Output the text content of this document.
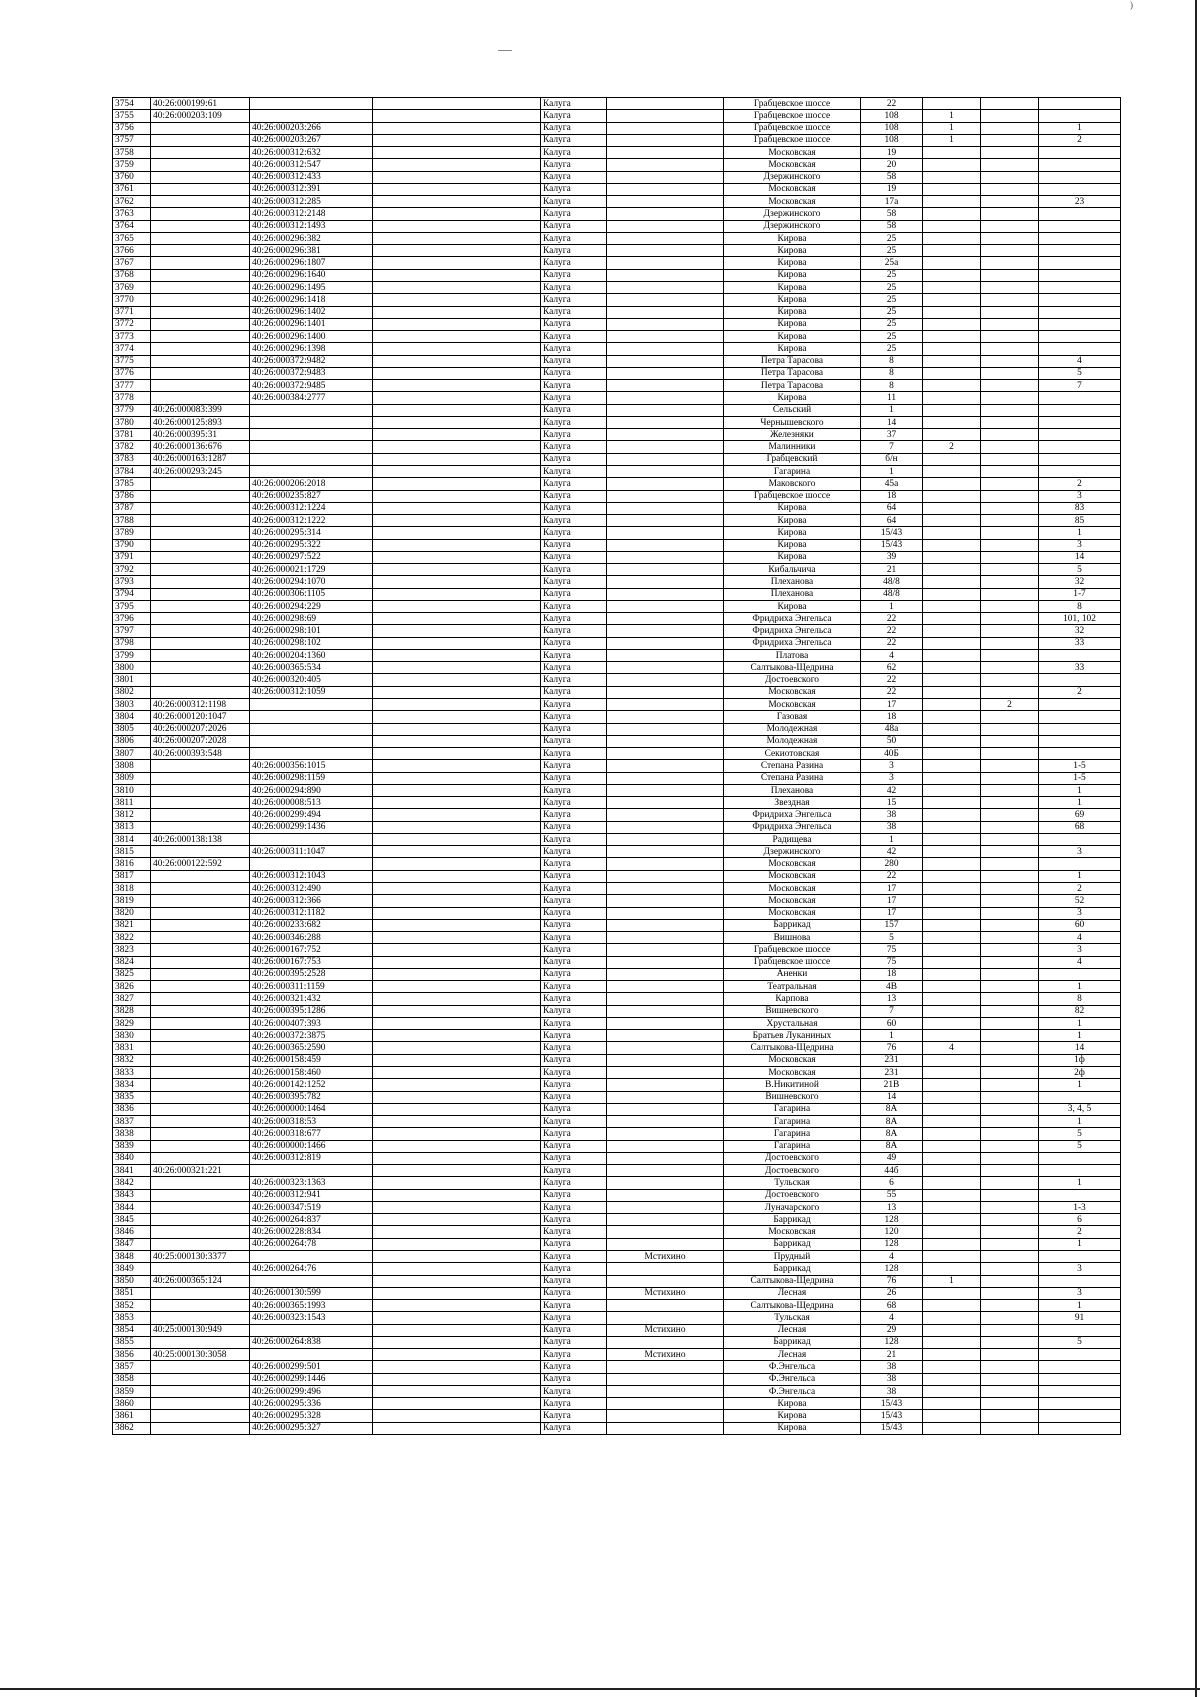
)
3754	40:26:000199:61			Калуга		Грабцевское шоссе	22			
3755	40:26:000203:109			Калуга		Грабцевское шоссе	108	1		
3756		40:26:000203:266		Калуга		Грабцевское шоссе	108	1		1
3757		40:26:000203:267		Калуга		Грабцевское шоссе	108	1		2
3758		40:26:000312:632		Калуга		Московская	19			
3759		40:26:000312:547		Калуга		Московская	20			
3760		40:26:000312:433		Калуга		Дзержинского	58			
3761		40:26:000312:391		Калуга		Московская	19			
3762		40:26:000312:285		Калуга		Московская	17а			23
3763		40:26:000312:2148		Калуга		Дзержинского	58			
3764		40:26:000312:1493		Калуга		Дзержинского	58			
3765		40:26:000296:382		Калуга		Кирова	25			
3766		40:26:000296:381		Калуга		Кирова	25			
3767		40:26:000296:1807		Калуга		Кирова	25а			
3768		40:26:000296:1640		Калуга		Кирова	25			
3769		40:26:000296:1495		Калуга		Кирова	25			
3770		40:26:000296:1418		Калуга		Кирова	25			
3771		40:26:000296:1402		Калуга		Кирова	25			
3772		40:26:000296:1401		Калуга		Кирова	25			
3773		40:26:000296:1400		Калуга		Кирова	25			
3774		40:26:000296:1398		Калуга		Кирова	25			
3775		40:26:000372:9482		Калуга		Петра Тарасова	8			4
3776		40:26:000372:9483		Калуга		Петра Тарасова	8			5
3777		40:26:000372:9485		Калуга		Петра Тарасова	8			7
3778		40:26:000384:2777		Калуга		Кирова	11			
3779	40:26:000083:399			Калуга		Сельский	1			
3780	40:26:000125:893			Калуга		Чернышевского	14			
3781	40:26:000395:31			Калуга		Железняки	37			
3782	40:26:000136:676			Калуга		Малинники	7	2		
3783	40:26:000163:1287			Калуга		Грабцевский	б/н			
3784	40:26:000293:245			Калуга		Гагарина	1			
3785		40:26:000206:2018		Калуга		Маковского	45а			2
3786		40:26:000235:827		Калуга		Грабцевское шоссе	18			3
3787		40:26:000312:1224		Калуга		Кирова	64			83
3788		40:26:000312:1222		Калуга		Кирова	64			85
3789		40:26:000295:314		Калуга		Кирова	15/43			1
3790		40:26:000295:322		Калуга		Кирова	15/43			3
3791		40:26:000297:522		Калуга		Кирова	39			14
3792		40:26:000021:1729		Калуга		Кибальчича	21			5
3793		40:26:000294:1070		Калуга		Плеханова	48/8			32
3794		40:26:000306:1105		Калуга		Плеханова	48/8			1-7
3795		40:26:000294:229		Калуга		Кирова	1			8
3796		40:26:000298:69		Калуга		Фридриха Энгельса	22			101, 102
3797		40:26:000298:101		Калуга		Фридриха Энгельса	22			32
3798		40:26:000298:102		Калуга		Фридриха Энгельса	22			33
3799		40:26:000204:1360		Калуга		Платова	4			
3800		40:26:000365:534		Калуга		Салтыкова-Щедрина	62			33
3801		40:26:000320:405		Калуга		Достоевского	22			
3802		40:26:000312:1059		Калуга		Московская	22			2
3803	40:26:000312:1198			Калуга		Московская	17		2	
3804	40:26:000120:1047			Калуга		Газовая	18			
3805	40:26:000207:2026			Калуга		Молодежная	48а			
3806	40:26:000207:2028			Калуга		Молодежная	50			
3807	40:26:000393:548			Калуга		Секиотовская	40Б			
3808		40:26:000356:1015		Калуга		Степана Разина	3			1-5
3809		40:26:000298:1159		Калуга		Степана Разина	3			1-5
3810		40:26:000294:890		Калуга		Плеханова	42			1
3811		40:26:000008:513		Калуга		Звездная	15			1
3812		40:26:000299:494		Калуга		Фридриха Энгельса	38			69
3813		40:26:000299:1436		Калуга		Фридриха Энгельса	38			68
3814	40:26:000138:138			Калуга		Радищева	1			
3815		40:26:000311:1047		Калуга		Дзержинского	42			3
3816	40:26:000122:592			Калуга		Московская	280			
3817		40:26:000312:1043		Калуга		Московская	22			1
3818		40:26:000312:490		Калуга		Московская	17			2
3819		40:26:000312:366		Калуга		Московская	17			52
3820		40:26:000312:1182		Калуга		Московская	17			3
3821		40:26:000233:682		Калуга		Баррикад	157			60
3822		40:26:000346:288		Калуга		Вишнова	5			4
3823		40:26:000167:752		Калуга		Грабцевское шоссе	75			3
3824		40:26:000167:753		Калуга		Грабцевское шоссе	75			4
3825		40:26:000395:2528		Калуга		Аненки	18			
3826		40:26:000311:1159		Калуга		Театральная	4В			1
3827		40:26:000321:432		Калуга		Карпова	13			8
3828		40:26:000395:1286		Калуга		Вишневского	7			82
3829		40:26:000407:393		Калуга		Хрустальная	60			1
3830		40:26:000372:3875		Калуга		Братьев Луканиных	1			1
3831		40:26:000365:2590		Калуга		Салтыкова-Щедрина	76	4		14
3832		40:26:000158:459		Калуга		Московская	231			1ф
3833		40:26:000158:460		Калуга		Московская	231			2ф
3834		40:26:000142:1252		Калуга		В.Никитиной	21В			1
3835		40:26:000395:782		Калуга		Вишневского	14			
3836		40:26:000000:1464		Калуга		Гагарина	8А			3, 4, 5
3837		40:26:000318:53		Калуга		Гагарина	8А			1
3838		40:26:000318:677		Калуга		Гагарина	8А			5
3839		40:26:000000:1466		Калуга		Гагарина	8А			5
3840		40:26:000312:819		Калуга		Достоевского	49			
3841	40:26:000321:221			Калуга		Достоевского	44б			
3842		40:26:000323:1363		Калуга		Тульская	6			1
3843		40:26:000312:941		Калуга		Достоевского	55			
3844		40:26:000347:519		Калуга		Луначарского	13			1-3
3845		40:26:000264:837		Калуга		Баррикад	128			6
3846		40:26:000228:834		Калуга		Московская	120			2
3847		40:26:000264:78		Калуга		Баррикад	128			1
3848	40:25:000130:3377			Калуга	Мстихино	Прудный	4			
3849		40:26:000264:76		Калуга		Баррикад	128			3
3850	40:26:000365:124			Калуга		Салтыкова-Щедрина	76	1		
3851		40:26:000130:599		Калуга	Мстихино	Лесная	26			3
3852		40:26:000365:1993		Калуга		Салтыкова-Щедрина	68			1
3853		40:26:000323:1543		Калуга		Тульская	4			91
3854	40:25:000130:949			Калуга	Мстихино	Лесная	29			
3855		40:26:000264:838		Калуга		Баррикад	128			5
3856	40:25:000130:3058			Калуга	Мстихино	Лесная	21			
3857		40:26:000299:501		Калуга		Ф.Энгельса	38			
3858		40:26:000299:1446		Калуга		Ф.Энгельса	38			
3859		40:26:000299:496		Калуга		Ф.Энгельса	38			
3860		40:26:000295:336		Калуга		Кирова	15/43			
3861		40:26:000295:328		Калуга		Кирова	15/43			
3862		40:26:000295:327		Калуга		Кирова	15/43			
